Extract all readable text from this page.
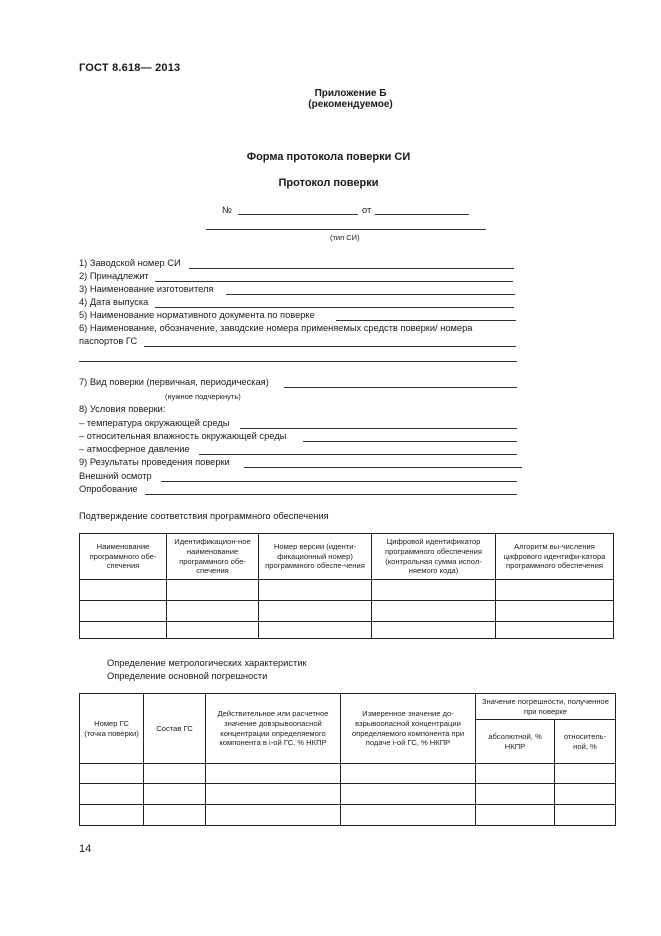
ГОСТ 8.618— 2013
Приложение Б
(рекомендуемое)
Форма протокола поверки СИ
Протокол поверки
№	от
(тип СИ)
1) Заводской номер СИ
2) Принадлежит
3) Наименование изготовителя
4) Дата выпуска
5) Наименование нормативного документа по поверке
6) Наименование, обозначение, заводские номера применяемых средств поверки/ номера
паспортов ГС
7) Вид поверки (первичная, периодическая)
(нужное подчеркнуть)
8) Условия поверки:
– температура окружающей среды
– относительная влажность окружающей среды
– атмосферное давление
9) Результаты проведения поверки
Внешний осмотр
Опробование
Подтверждение соответствия программного обеспечения
Наименование программного обе-спечения	Идентификацион-ное наименование программного обе-спечения	Номер версии (иденти-фикационный номер) программного обеспе-чения	Цифровой идентификатор программного обеспечения (контрольная сумма испол-няемого кода)	Алгоритм вы-числения цифрового идентифи-катора программного обеспечения

Определение метрологических характеристик
Определение основной погрешности
Номер ГС (точка поверки)	Состав ГС	Действительное или расчетное значение довзрывоопасной концентрации определяемого компонента в i-ой ГС, % НКПР	Измеренное значение до-взрывоопасной концентрации определяемого компонента при подаче i-ой ГС, % НКПР	Значение погрешности, полученное при поверке	
				абсолютной, % НКПР	относитель-ной, %

14
